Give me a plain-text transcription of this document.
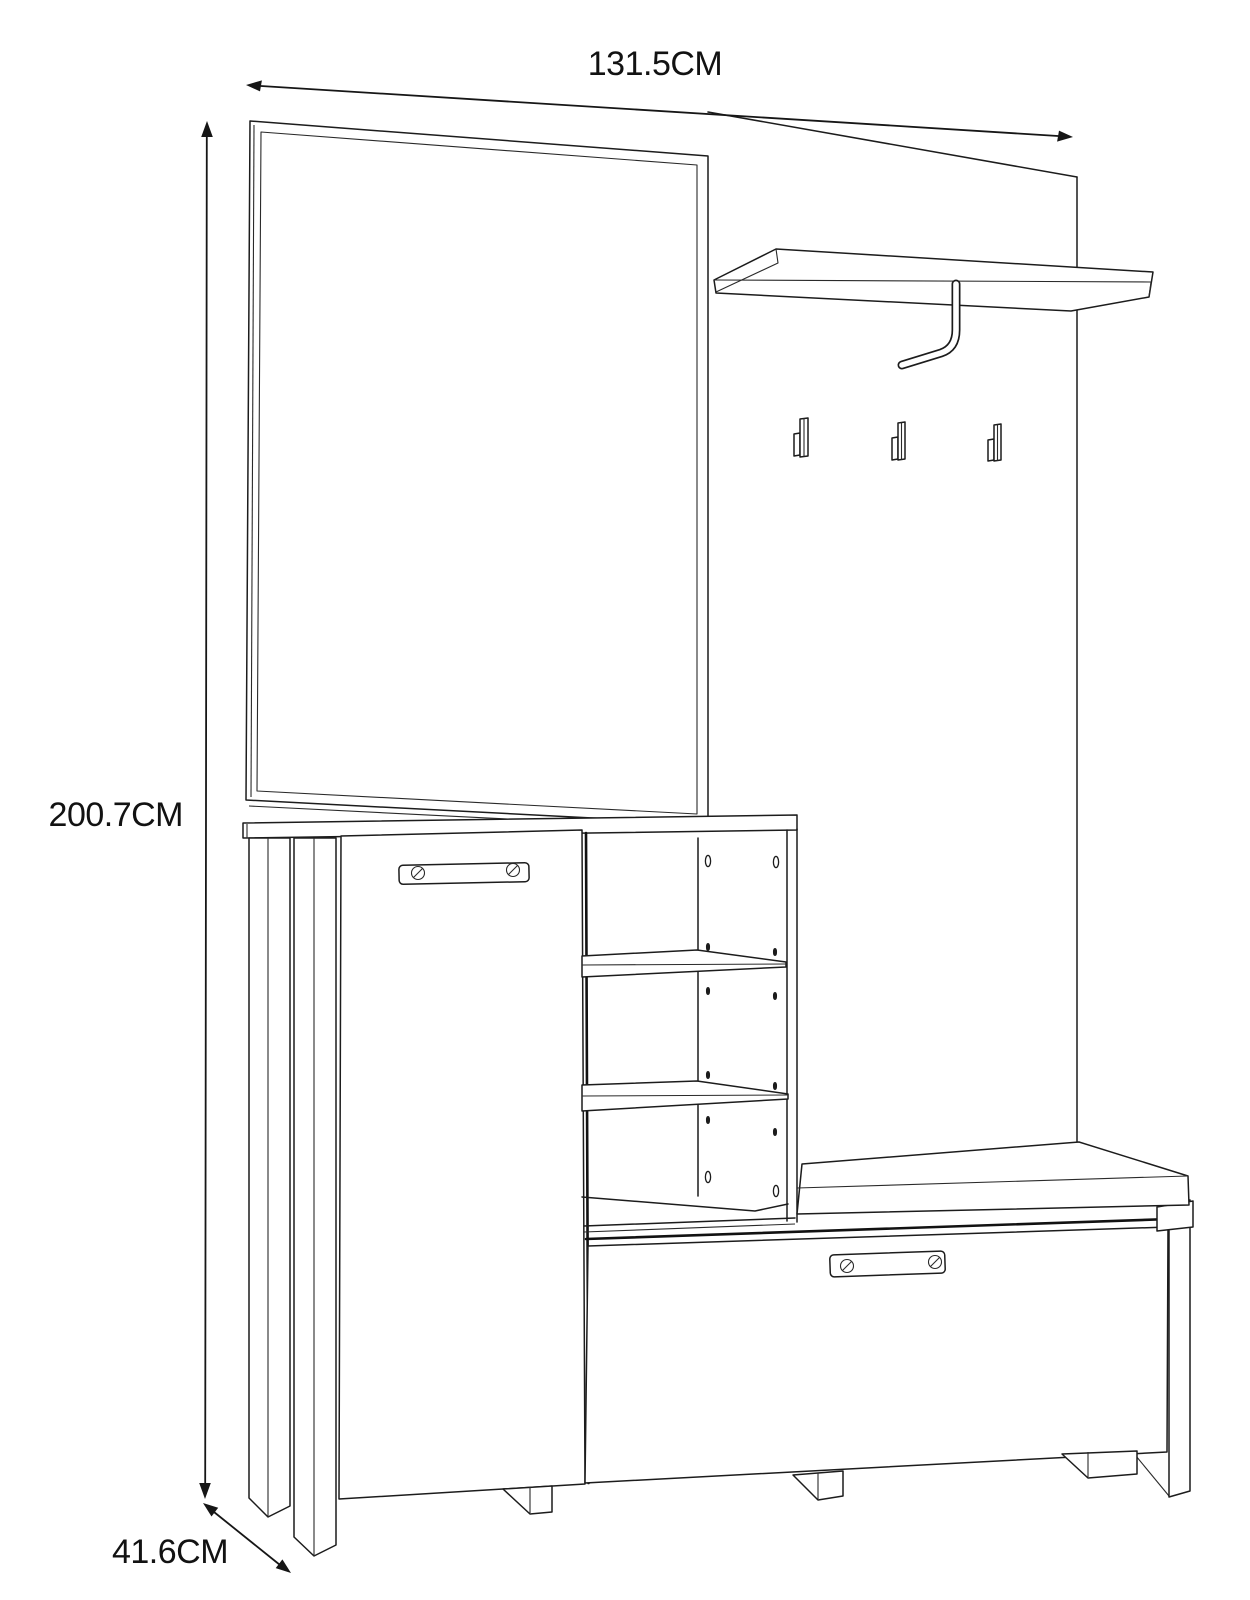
131.5CM
200.7CM
41.6CM
